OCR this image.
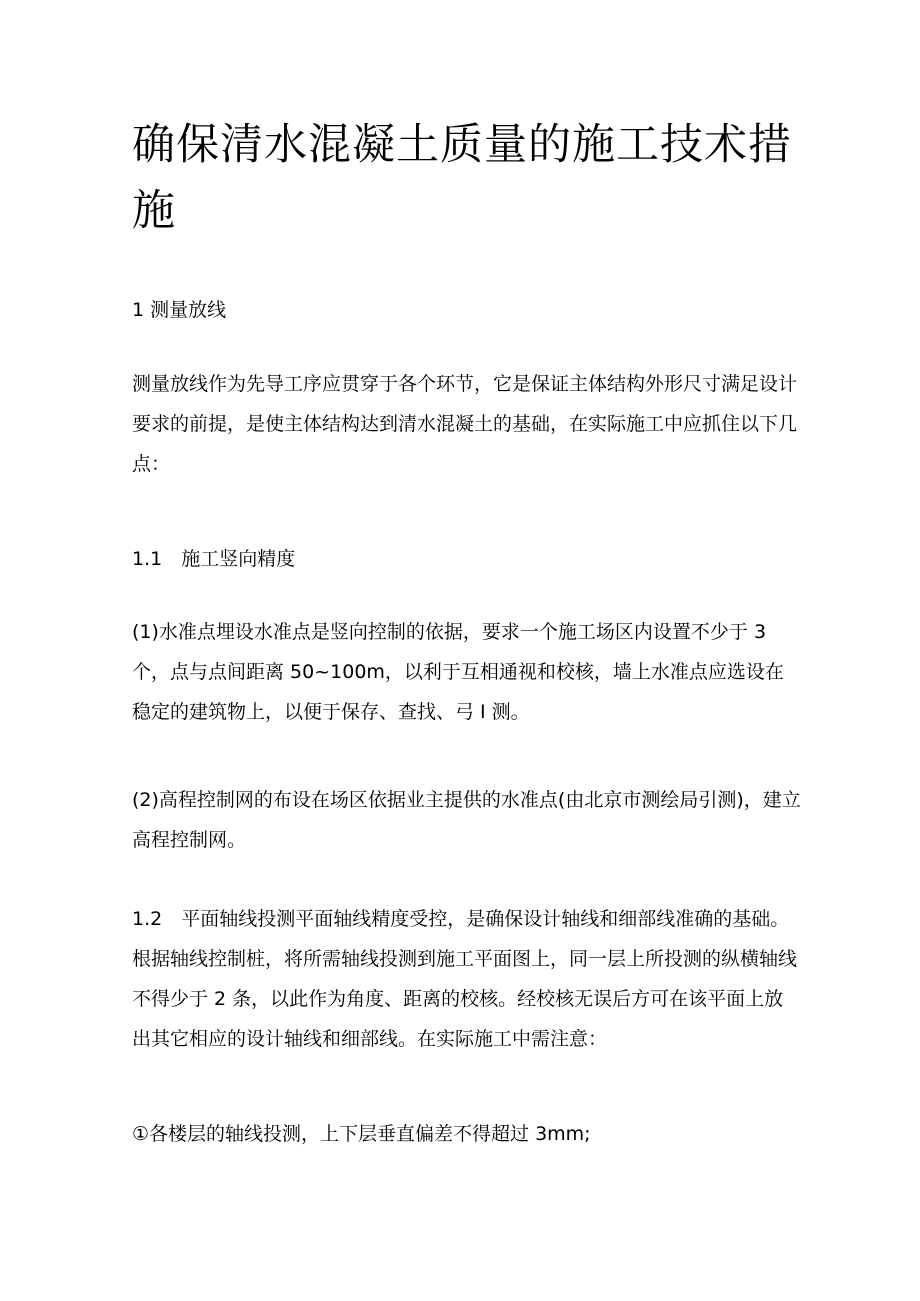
确保清水混凝土质量的施工技术措施

1 测量放线

测量放线作为先导工序应贯穿于各个环节，它是保证主体结构外形尺寸满足设计要求的前提，是使主体结构达到清水混凝土的基础，在实际施工中应抓住以下几点：

1.1　施工竖向精度

(1)水准点埋设水准点是竖向控制的依据，要求一个施工场区内设置不少于 3 个，点与点间距离 50~100m，以利于互相通视和校核，墙上水准点应选设在稳定的建筑物上，以便于保存、查找、弓 I 测。

(2)高程控制网的布设在场区依据业主提供的水准点(由北京市测绘局引测)，建立高程控制网。

1.2　平面轴线投测平面轴线精度受控，是确保设计轴线和细部线准确的基础。根据轴线控制桩，将所需轴线投测到施工平面图上，同一层上所投测的纵横轴线不得少于 2 条，以此作为角度、距离的校核。经校核无误后方可在该平面上放出其它相应的设计轴线和细部线。在实际施工中需注意：

①各楼层的轴线投测，上下层垂直偏差不得超过 3mm;
